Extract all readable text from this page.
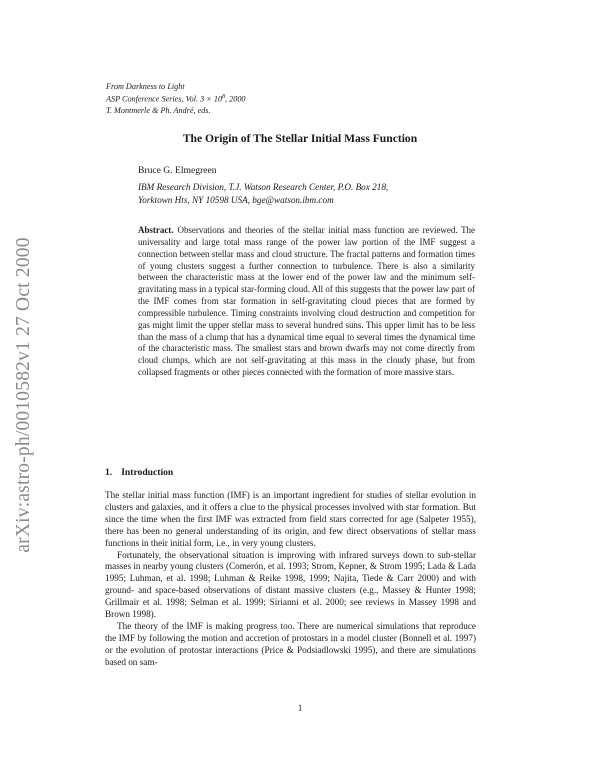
arXiv:astro-ph/0010582v1 27 Oct 2000
From Darkness to Light
ASP Conference Series, Vol. $3 \times 10^8$, 2000
T. Montmerle & Ph. André, eds.
The Origin of The Stellar Initial Mass Function
Bruce G. Elmegreen
IBM Research Division, T.J. Watson Research Center, P.O. Box 218,
Yorktown Hts, NY 10598 USA, bge@watson.ibm.com
Abstract. Observations and theories of the stellar initial mass function are reviewed. The universality and large total mass range of the power law portion of the IMF suggest a connection between stellar mass and cloud structure. The fractal patterns and formation times of young clusters suggest a further connection to turbulence. There is also a similarity between the characteristic mass at the lower end of the power law and the minimum self-gravitating mass in a typical star-forming cloud. All of this suggests that the power law part of the IMF comes from star formation in self-gravitating cloud pieces that are formed by compressible turbulence. Timing constraints involving cloud destruction and competition for gas might limit the upper stellar mass to several hundred suns. This upper limit has to be less than the mass of a clump that has a dynamical time equal to several times the dynamical time of the characteristic mass. The smallest stars and brown dwarfs may not come directly from cloud clumps, which are not self-gravitating at this mass in the cloudy phase, but from collapsed fragments or other pieces connected with the formation of more massive stars.
1. Introduction

The stellar initial mass function (IMF) is an important ingredient for studies of stellar evolution in clusters and galaxies, and it offers a clue to the physical processes involved with star formation. But since the time when the first IMF was extracted from field stars corrected for age (Salpeter 1955), there has been no general understanding of its origin, and few direct observations of stellar mass functions in their initial form, i.e., in very young clusters.

Fortunately, the observational situation is improving with infrared surveys down to sub-stellar masses in nearby young clusters (Comerón, et al. 1993; Strom, Kepner, & Strom 1995; Lada & Lada 1995; Luhman, et al. 1998; Luhman & Reike 1998, 1999; Najita, Tiede & Carr 2000) and with ground- and space-based observations of distant massive clusters (e.g., Massey & Hunter 1998; Grillmair et al. 1998; Selman et al. 1999; Sirianni et al. 2000; see reviews in Massey 1998 and Brown 1998).

The theory of the IMF is making progress too. There are numerical simulations that reproduce the IMF by following the motion and accretion of protostars in a model cluster (Bonnell et al. 1997) or the evolution of protostar interactions (Price & Podsiadlowski 1995), and there are simulations based on sam-

1
